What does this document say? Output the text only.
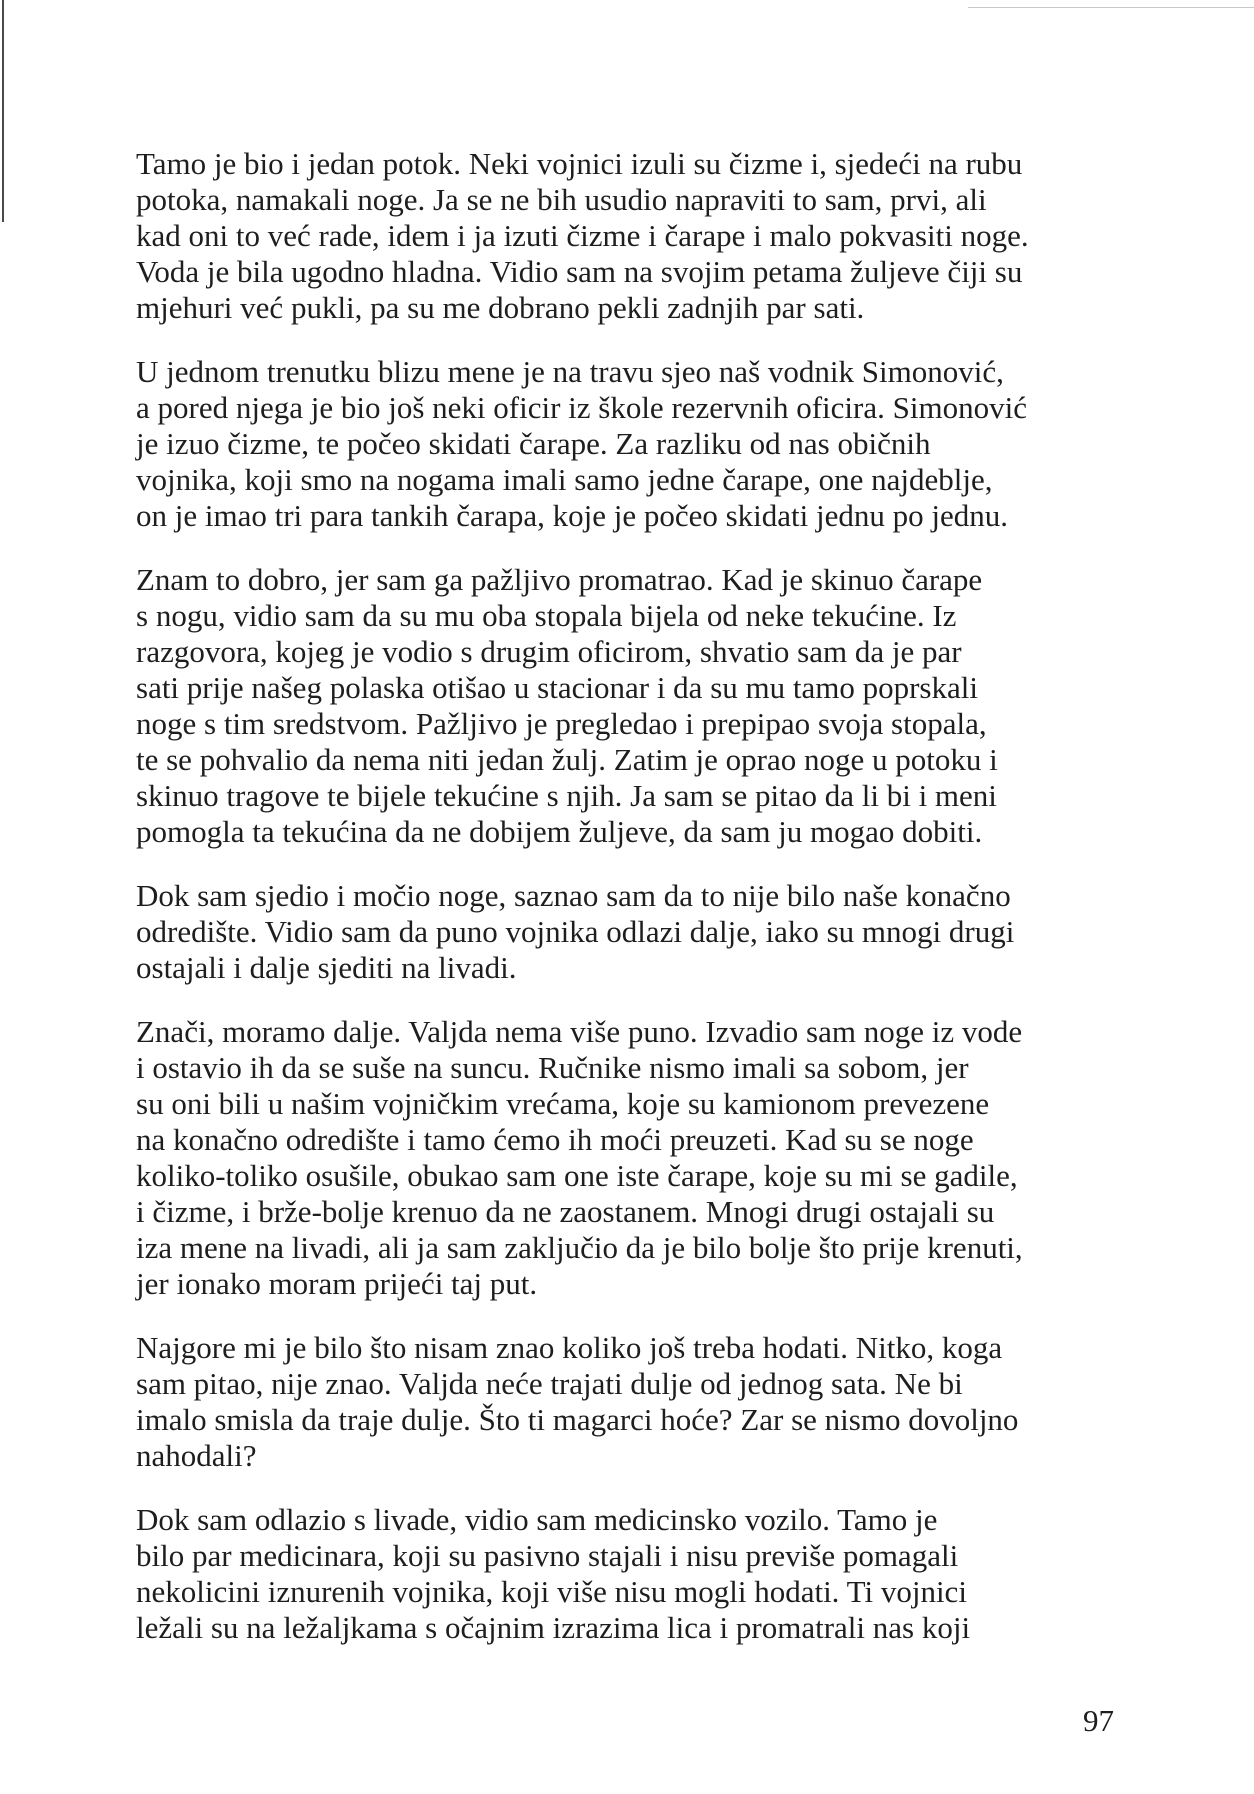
Tamo je bio i jedan potok. Neki vojnici izuli su čizme i, sjedeći na rubu
potoka, namakali noge. Ja se ne bih usudio napraviti to sam, prvi, ali
kad oni to već rade, idem i ja izuti čizme i čarape i malo pokvasiti noge.
Voda je bila ugodno hladna. Vidio sam na svojim petama žuljeve čiji su
mjehuri već pukli, pa su me dobrano pekli zadnjih par sati.

U jednom trenutku blizu mene je na travu sjeo naš vodnik Simonović,
a pored njega je bio još neki oficir iz škole rezervnih oficira. Simonović
je izuo čizme, te počeo skidati čarape. Za razliku od nas običnih
vojnika, koji smo na nogama imali samo jedne čarape, one najdeblje,
on je imao tri para tankih čarapa, koje je počeo skidati jednu po jednu.

Znam to dobro, jer sam ga pažljivo promatrao. Kad je skinuo čarape
s nogu, vidio sam da su mu oba stopala bijela od neke tekućine. Iz
razgovora, kojeg je vodio s drugim oficirom, shvatio sam da je par
sati prije našeg polaska otišao u stacionar i da su mu tamo poprskali
noge s tim sredstvom. Pažljivo je pregledao i prepipao svoja stopala,
te se pohvalio da nema niti jedan žulj. Zatim je oprao noge u potoku i
skinuo tragove te bijele tekućine s njih. Ja sam se pitao da li bi i meni
pomogla ta tekućina da ne dobijem žuljeve, da sam ju mogao dobiti.

Dok sam sjedio i močio noge, saznao sam da to nije bilo naše konačno
odredište. Vidio sam da puno vojnika odlazi dalje, iako su mnogi drugi
ostajali i dalje sjediti na livadi.

Znači, moramo dalje. Valjda nema više puno. Izvadio sam noge iz vode
i ostavio ih da se suše na suncu. Ručnike nismo imali sa sobom, jer
su oni bili u našim vojničkim vrećama, koje su kamionom prevezene
na konačno odredište i tamo ćemo ih moći preuzeti. Kad su se noge
koliko-toliko osušile, obukao sam one iste čarape, koje su mi se gadile,
i čizme, i brže-bolje krenuo da ne zaostanem. Mnogi drugi ostajali su
iza mene na livadi, ali ja sam zaključio da je bilo bolje što prije krenuti,
jer ionako moram prijeći taj put.

Najgore mi je bilo što nisam znao koliko još treba hodati. Nitko, koga
sam pitao, nije znao. Valjda neće trajati dulje od jednog sata. Ne bi
imalo smisla da traje dulje. Što ti magarci hoće? Zar se nismo dovoljno
nahodali?

Dok sam odlazio s livade, vidio sam medicinsko vozilo. Tamo je
bilo par medicinara, koji su pasivno stajali i nisu previše pomagali
nekolicini iznurenih vojnika, koji više nisu mogli hodati. Ti vojnici
ležali su na ležaljkama s očajnim izrazima lica i promatrali nas koji

97
